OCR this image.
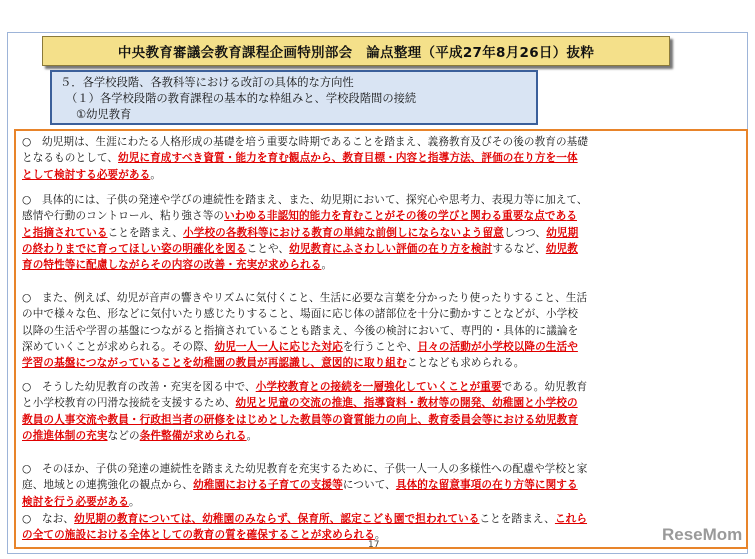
中央教育審議会教育課程企画特別部会　論点整理（平成27年8月26日）抜粋
５．各学校段階、各教科等における改訂の具体的な方向性
（１）各学校段階の教育課程の基本的な枠組みと、学校段階間の接続
①幼児教育
○　幼児期は、生涯にわたる人格形成の基礎を培う重要な時期であることを踏まえ、義務教育及びその後の教育の基礎
となるものとして、幼児に育成すべき資質・能力を育む観点から、教育目標・内容と指導方法、評価の在り方を一体
として検討する必要がある。
○　具体的には、子供の発達や学びの連続性を踏まえ、また、幼児期において、探究心や思考力、表現力等に加えて、
感情や行動のコントロール、粘り強さ等のいわゆる非認知的能力を育むことがその後の学びと関わる重要な点である
と指摘されていることを踏まえ、小学校の各教科等における教育の単純な前倒しにならないよう留意しつつ、幼児期
の終わりまでに育ってほしい姿の明確化を図ることや、幼児教育にふさわしい評価の在り方を検討するなど、幼児教
育の特性等に配慮しながらその内容の改善・充実が求められる。
○　また、例えば、幼児が音声の響きやリズムに気付くこと、生活に必要な言葉を分かったり使ったりすること、生活
の中で様々な色、形などに気付いたり感じたりすること、場面に応じ体の諸部位を十分に動かすことなどが、小学校
以降の生活や学習の基盤につながると指摘されていることも踏まえ、今後の検討において、専門的・具体的に議論を
深めていくことが求められる。その際、幼児一人一人に応じた対応を行うことや、日々の活動が小学校以降の生活や
学習の基盤につながっていることを幼稚園の教員が再認識し、意図的に取り組むことなども求められる。
○　そうした幼児教育の改善・充実を図る中で、小学校教育との接続を一層強化していくことが重要である。幼児教育
と小学校教育の円滑な接続を支援するため、幼児と児童の交流の推進、指導資料・教材等の開発、幼稚園と小学校の
教員の人事交流や教員・行政担当者の研修をはじめとした教員等の資質能力の向上、教育委員会等における幼児教育
の推進体制の充実などの条件整備が求められる。
○　そのほか、子供の発達の連続性を踏まえた幼児教育を充実するために、子供一人一人の多様性への配慮や学校と家
庭、地域との連携強化の観点から、幼稚園における子育ての支援等について、具体的な留意事項の在り方等に関する
検討を行う必要がある。
○　なお、幼児期の教育については、幼稚園のみならず、保育所、認定こども園で担われていることを踏まえ、これら
の全ての施設における全体としての教育の質を確保することが求められる。
17
ReseMom
